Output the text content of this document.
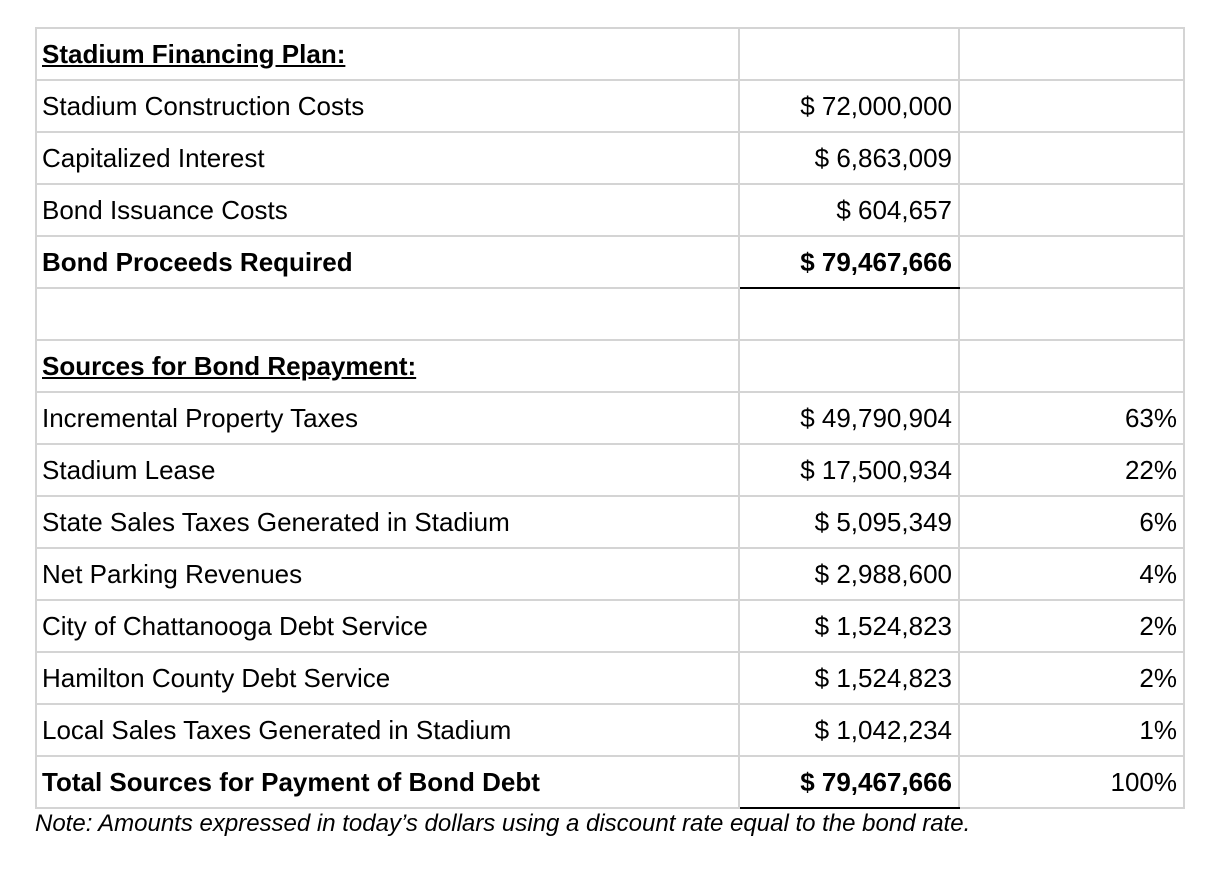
Stadium Financing Plan:		
Stadium Construction Costs	$ 72,000,000	
Capitalized Interest	$ 6,863,009	
Bond Issuance Costs	$ 604,657	
Bond Proceeds Required	$ 79,467,666	

Sources for Bond Repayment:		
Incremental Property Taxes	$ 49,790,904	63%
Stadium Lease	$ 17,500,934	22%
State Sales Taxes Generated in Stadium	$ 5,095,349	6%
Net Parking Revenues	$ 2,988,600	4%
City of Chattanooga Debt Service	$ 1,524,823	2%
Hamilton County Debt Service	$ 1,524,823	2%
Local Sales Taxes Generated in Stadium	$ 1,042,234	1%
Total Sources for Payment of Bond Debt	$ 79,467,666	100%
Note: Amounts expressed in today’s dollars using a discount rate equal to the bond rate.
